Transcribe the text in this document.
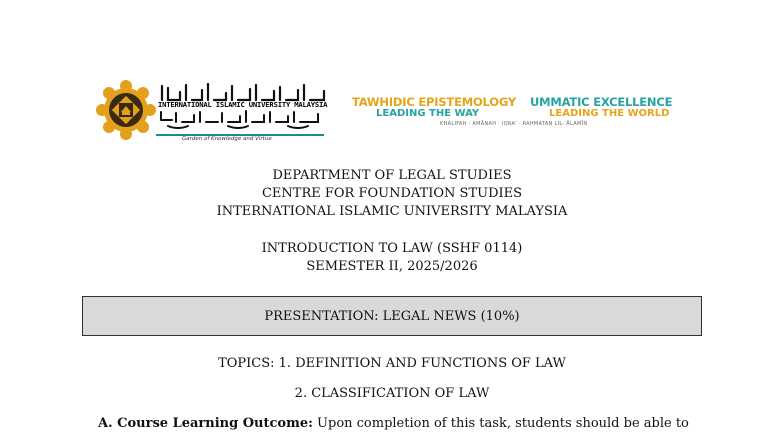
INTERNATIONAL ISLAMIC UNIVERSITY MALAYSIA
Garden of Knowledge and Virtue
TAWHIDIC EPISTEMOLOGY
LEADING THE WAY
UMMATIC EXCELLENCE
LEADING THE WORLD
KHALIFAH · AMĀNAH · IQRA' · RAHMATAN LIL-ʿĀLAMĪN
DEPARTMENT OF LEGAL STUDIES
CENTRE FOR FOUNDATION STUDIES
INTERNATIONAL ISLAMIC UNIVERSITY MALAYSIA
INTRODUCTION TO LAW (SSHF 0114)
SEMESTER II, 2025/2026
PRESENTATION: LEGAL NEWS (10%)
TOPICS: 1. DEFINITION AND FUNCTIONS OF LAW
2. CLASSIFICATION OF LAW
A. Course Learning Outcome: Upon completion of this task, students should be able to
